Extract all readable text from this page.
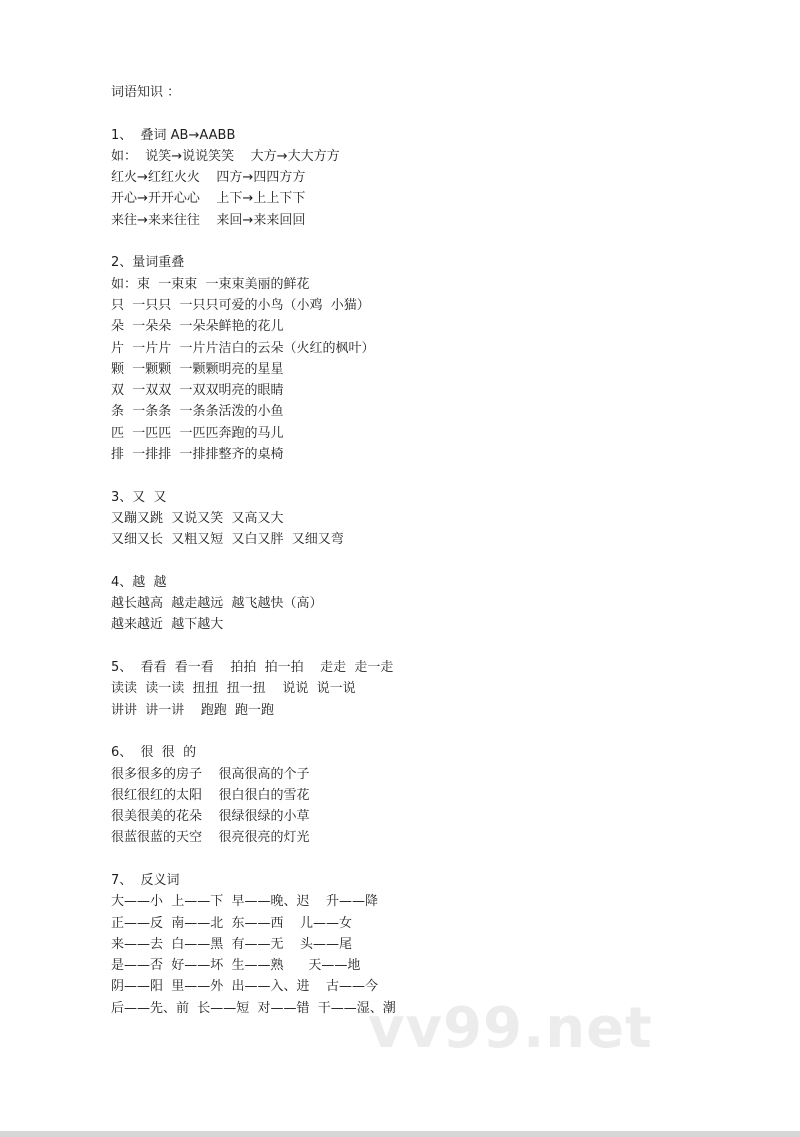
词语知识 ：
1、  叠词 AB→AABB
如：  说笑→说说笑笑    大方→大大方方
红火→红红火火    四方→四四方方
开心→开开心心    上下→上上下下
来往→来来往往    来回→来来回回
2、量词重叠
如：束  一束束  一束束美丽的鲜花
只  一只只  一只只可爱的小鸟（小鸡  小猫）
朵  一朵朵  一朵朵鲜艳的花儿
片  一片片  一片片洁白的云朵（火红的枫叶）
颗  一颗颗  一颗颗明亮的星星
双  一双双  一双双明亮的眼睛
条  一条条  一条条活泼的小鱼
匹  一匹匹  一匹匹奔跑的马儿
排  一排排  一排排整齐的桌椅
3、又  又
又蹦又跳  又说又笑  又高又大
又细又长  又粗又短  又白又胖  又细又弯
4、越  越
越长越高  越走越远  越飞越快（高）
越来越近  越下越大
5、  看看  看一看    拍拍  拍一拍    走走  走一走
读读  读一读  扭扭  扭一扭    说说  说一说
讲讲  讲一讲    跑跑  跑一跑
6、  很  很  的
很多很多的房子    很高很高的个子
很红很红的太阳    很白很白的雪花
很美很美的花朵    很绿很绿的小草
很蓝很蓝的天空    很亮很亮的灯光
7、  反义词
大——小  上——下  早——晚、迟    升——降
正——反  南——北  东——西    儿——女
来——去  白——黑  有——无    头——尾
是——否  好——坏  生——熟      天——地
阴——阳  里——外  出——入、进    古——今
后——先、前  长——短  对——错  干——湿、潮
vv99.net
